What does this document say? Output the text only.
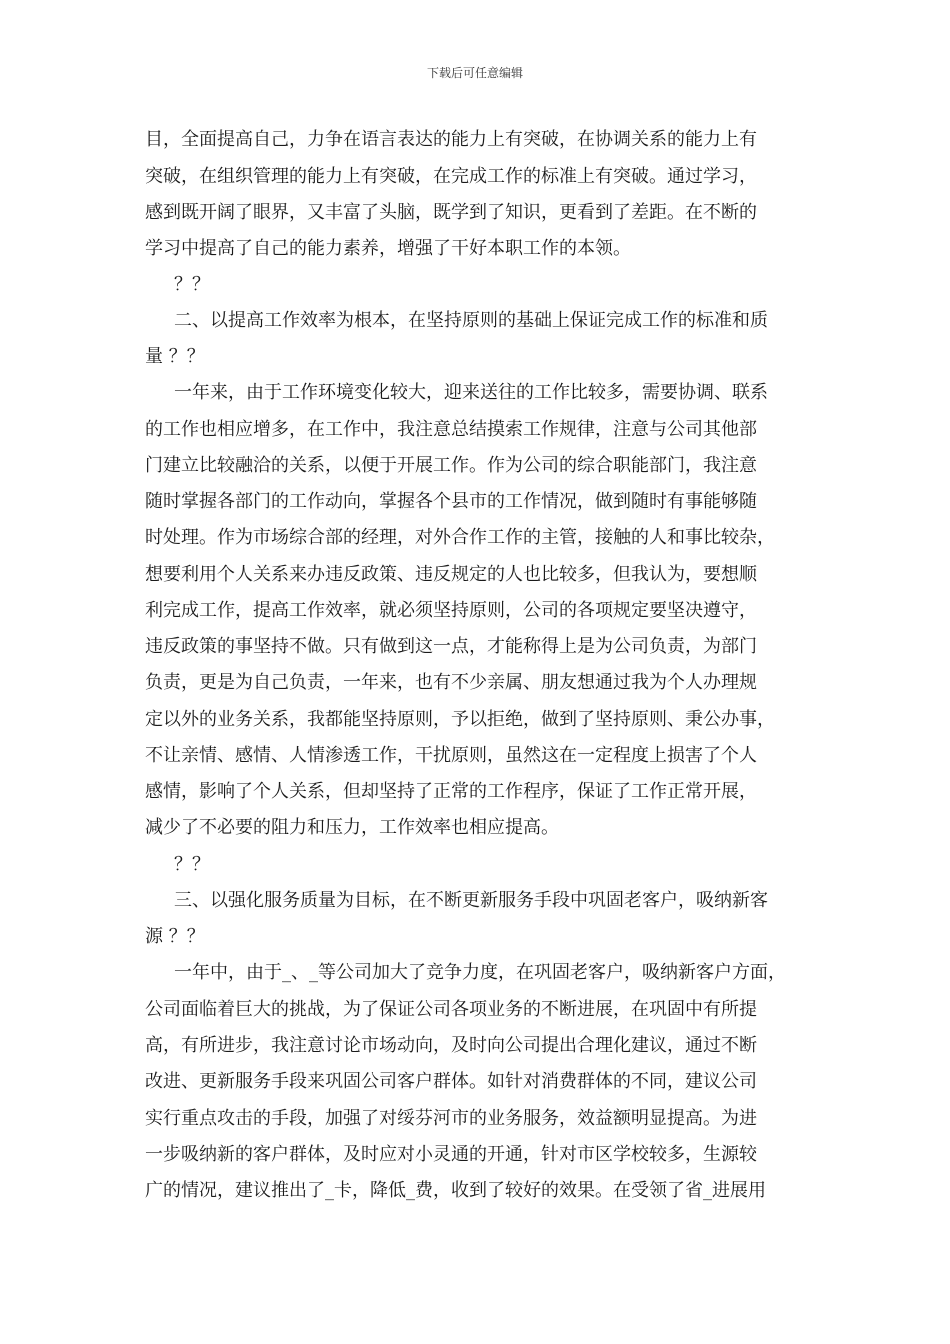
下载后可任意编辑
目，全面提高自己，力争在语言表达的能力上有突破，在协调关系的能力上有
突破，在组织管理的能力上有突破，在完成工作的标准上有突破。通过学习，
感到既开阔了眼界，又丰富了头脑，既学到了知识，更看到了差距。在不断的
学习中提高了自己的能力素养，增强了干好本职工作的本领。
？？
二、以提高工作效率为根本，在坚持原则的基础上保证完成工作的标准和质
量 ？？
一年来，由于工作环境变化较大，迎来送往的工作比较多，需要协调、联系
的工作也相应增多，在工作中，我注意总结摸索工作规律，注意与公司其他部
门建立比较融洽的关系，以便于开展工作。作为公司的综合职能部门，我注意
随时掌握各部门的工作动向，掌握各个县市的工作情况，做到随时有事能够随
时处理。作为市场综合部的经理，对外合作工作的主管，接触的人和事比较杂，
想要利用个人关系来办违反政策、违反规定的人也比较多，但我认为，要想顺
利完成工作，提高工作效率，就必须坚持原则，公司的各项规定要坚决遵守，
违反政策的事坚持不做。只有做到这一点，才能称得上是为公司负责，为部门
负责，更是为自己负责，一年来，也有不少亲属、朋友想通过我为个人办理规
定以外的业务关系，我都能坚持原则，予以拒绝，做到了坚持原则、秉公办事，
不让亲情、感情、人情渗透工作，干扰原则，虽然这在一定程度上损害了个人
感情，影响了个人关系，但却坚持了正常的工作程序，保证了工作正常开展，
减少了不必要的阻力和压力，工作效率也相应提高。
？？
三、以强化服务质量为目标，在不断更新服务手段中巩固老客户，吸纳新客
源 ？？
一年中，由于_、_等公司加大了竞争力度，在巩固老客户，吸纳新客户方面，
公司面临着巨大的挑战，为了保证公司各项业务的不断进展，在巩固中有所提
高，有所进步，我注意讨论市场动向，及时向公司提出合理化建议，通过不断
改进、更新服务手段来巩固公司客户群体。如针对消费群体的不同，建议公司
实行重点攻击的手段，加强了对绥芬河市的业务服务，效益额明显提高。为进
一步吸纳新的客户群体，及时应对小灵通的开通，针对市区学校较多，生源较
广的情况，建议推出了_卡，降低_费，收到了较好的效果。在受领了省_进展用
